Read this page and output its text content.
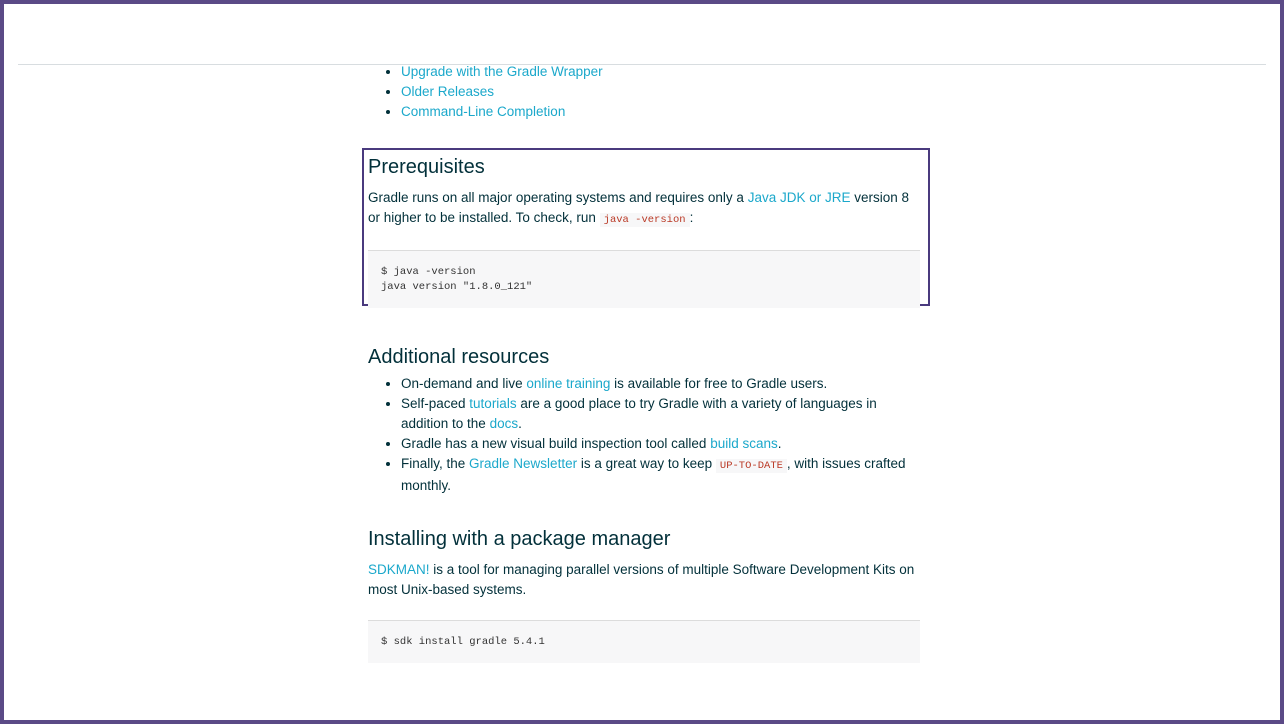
• Upgrade with the Gradle Wrapper
• Older Releases
• Command-Line Completion
Prerequisites

Gradle runs on all major operating systems and requires only a Java JDK or JRE version 8 or higher to be installed. To check, run java -version :

$ java -version
java version "1.8.0_121"
Additional resources
• On-demand and live online training is available for free to Gradle users.
• Self-paced tutorials are a good place to try Gradle with a variety of languages in addition to the docs.
• Gradle has a new visual build inspection tool called build scans.
• Finally, the Gradle Newsletter is a great way to keep UP-TO-DATE , with issues crafted monthly.
Installing with a package manager

SDKMAN! is a tool for managing parallel versions of multiple Software Development Kits on most Unix-based systems.

$ sdk install gradle 5.4.1
